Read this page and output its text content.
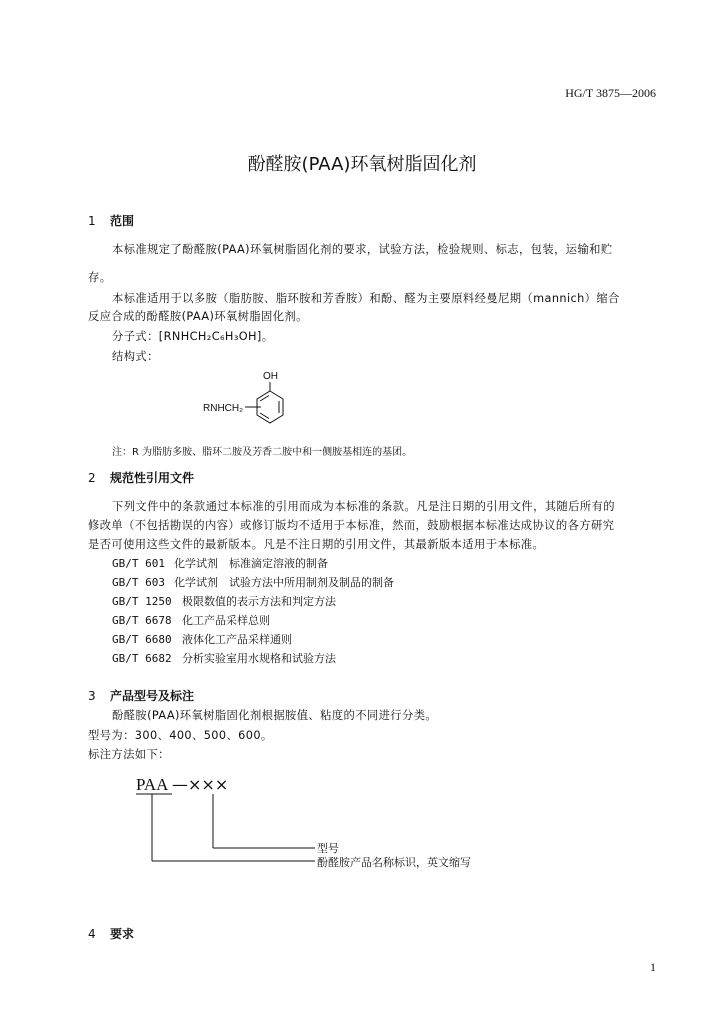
HG/T 3875—2006
酚醛胺(PAA)环氧树脂固化剂
1 范围
本标准规定了酚醛胺(PAA)环氧树脂固化剂的要求，试验方法，检验规则、标志，包装，运输和贮
存。
本标准适用于以多胺（脂肪胺、脂环胺和芳香胺）和酚、醛为主要原料经曼尼期（mannich）缩合
反应合成的酚醛胺(PAA)环氧树脂固化剂。
分子式：[RNHCH₂C₆H₃OH]。
结构式：
OH
RNHCH₂
注：R 为脂肪多胺、脂环二胺及芳香二胺中和一侧胺基相连的基团。
2 规范性引用文件
下列文件中的条款通过本标准的引用而成为本标准的条款。凡是注日期的引用文件，其随后所有的
修改单（不包括勘误的内容）或修订版均不适用于本标准，然而，鼓励根据本标准达成协议的各方研究
是否可使用这些文件的最新版本。凡是不注日期的引用文件，其最新版本适用于本标准。
GB/T 601 化学试剂　标准滴定溶液的制备
GB/T 603 化学试剂　试验方法中所用制剂及制品的制备
GB/T 1250 极限数值的表示方法和判定方法
GB/T 6678 化工产品采样总则
GB/T 6680 液体化工产品采样通则
GB/T 6682 分析实验室用水规格和试验方法
3 产品型号及标注
酚醛胺(PAA)环氧树脂固化剂根据胺值、粘度的不同进行分类。
型号为：300、400、500、600。
标注方法如下：
PAA —×××
型号
酚醛胺产品名称标识，英文缩写
4 要求
1
